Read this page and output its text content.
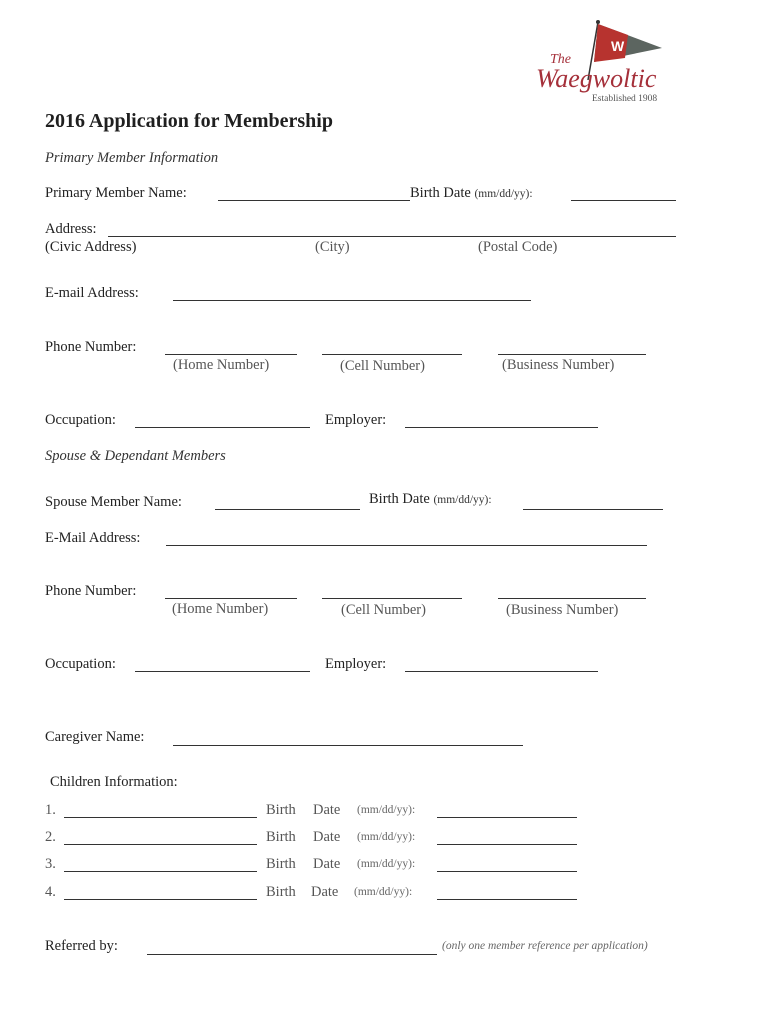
W
The
Waegwoltic
Established 1908
2016 Application for Membership
Primary Member Information
Primary Member Name:	Birth Date (mm/dd/yy):
Address:
(Civic Address)	(City)	(Postal Code)
E-mail Address:
Phone Number:
(Home Number)	(Cell Number)	(Business Number)
Occupation:	Employer:
Spouse & Dependant Members
Spouse Member Name:	Birth Date (mm/dd/yy):
E-Mail Address:
Phone Number:
(Home Number)	(Cell Number)	(Business Number)
Occupation:	Employer:
Caregiver Name:
Children Information:
1.	Birth Date (mm/dd/yy):
2.	Birth Date (mm/dd/yy):
3.	Birth Date (mm/dd/yy):
4.	Birth Date (mm/dd/yy):
Referred by:	(only one member reference per application)
